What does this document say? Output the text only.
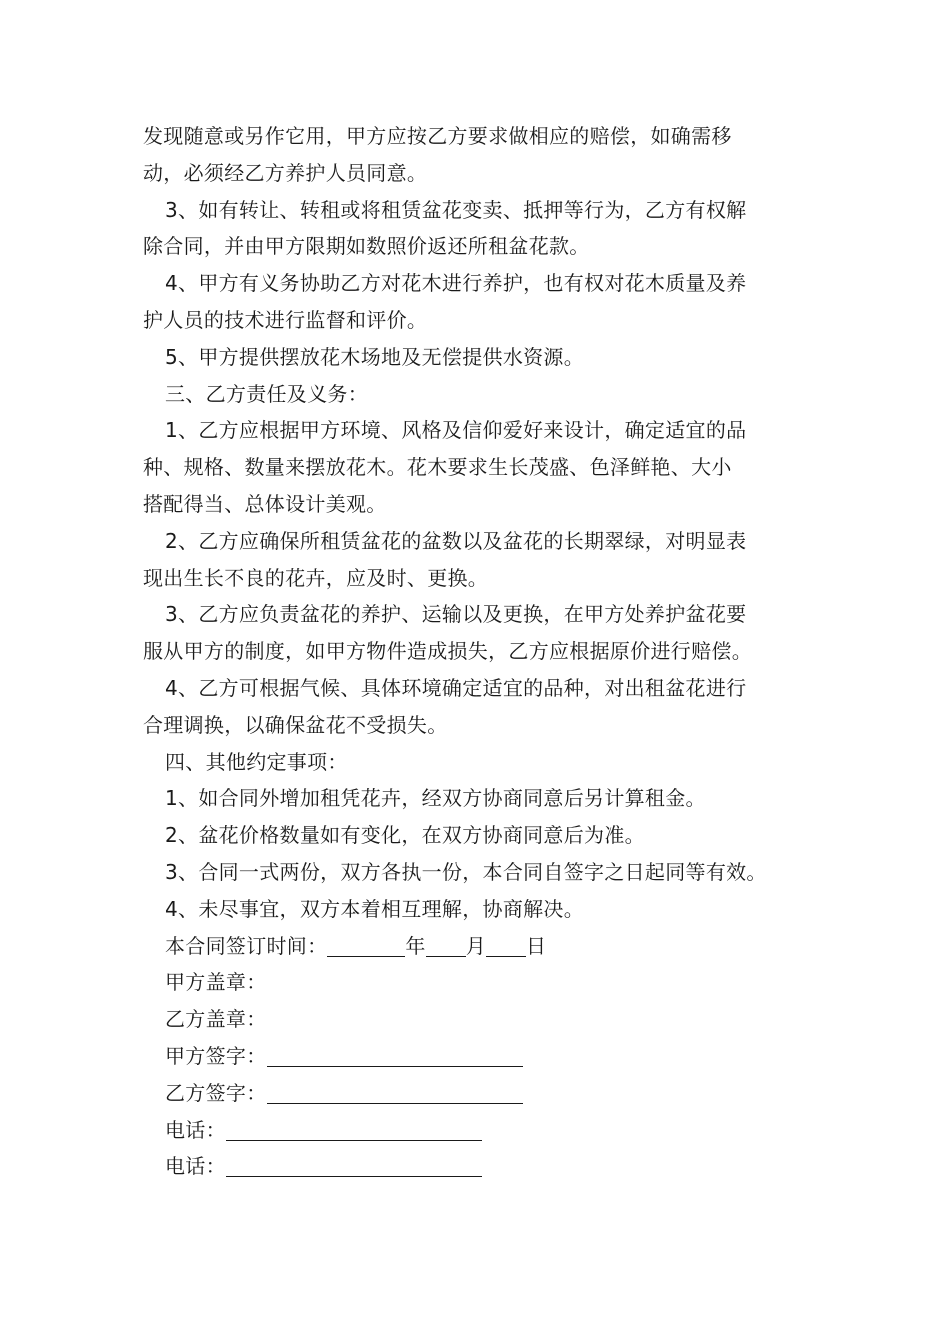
发现随意或另作它用，甲方应按乙方要求做相应的赔偿，如确需移
动，必须经乙方养护人员同意。
3、如有转让、转租或将租赁盆花变卖、抵押等行为，乙方有权解
除合同，并由甲方限期如数照价返还所租盆花款。
4、甲方有义务协助乙方对花木进行养护，也有权对花木质量及养
护人员的技术进行监督和评价。
5、甲方提供摆放花木场地及无偿提供水资源。
三、乙方责任及义务：
1、乙方应根据甲方环境、风格及信仰爱好来设计，确定适宜的品
种、规格、数量来摆放花木。花木要求生长茂盛、色泽鲜艳、大小
搭配得当、总体设计美观。
2、乙方应确保所租赁盆花的盆数以及盆花的长期翠绿，对明显表
现出生长不良的花卉，应及时、更换。
3、乙方应负责盆花的养护、运输以及更换，在甲方处养护盆花要
服从甲方的制度，如甲方物件造成损失，乙方应根据原价进行赔偿。
4、乙方可根据气候、具体环境确定适宜的品种，对出租盆花进行
合理调换，以确保盆花不受损失。
四、其他约定事项：
1、如合同外增加租凭花卉，经双方协商同意后另计算租金。
2、盆花价格数量如有变化，在双方协商同意后为准。
3、合同一式两份，双方各执一份，本合同自签字之日起同等有效。
4、未尽事宜，双方本着相互理解，协商解决。
本合同签订时间：	年 月 日
甲方盖章：
乙方盖章：
甲方签字：
乙方签字：
电话：
电话：
